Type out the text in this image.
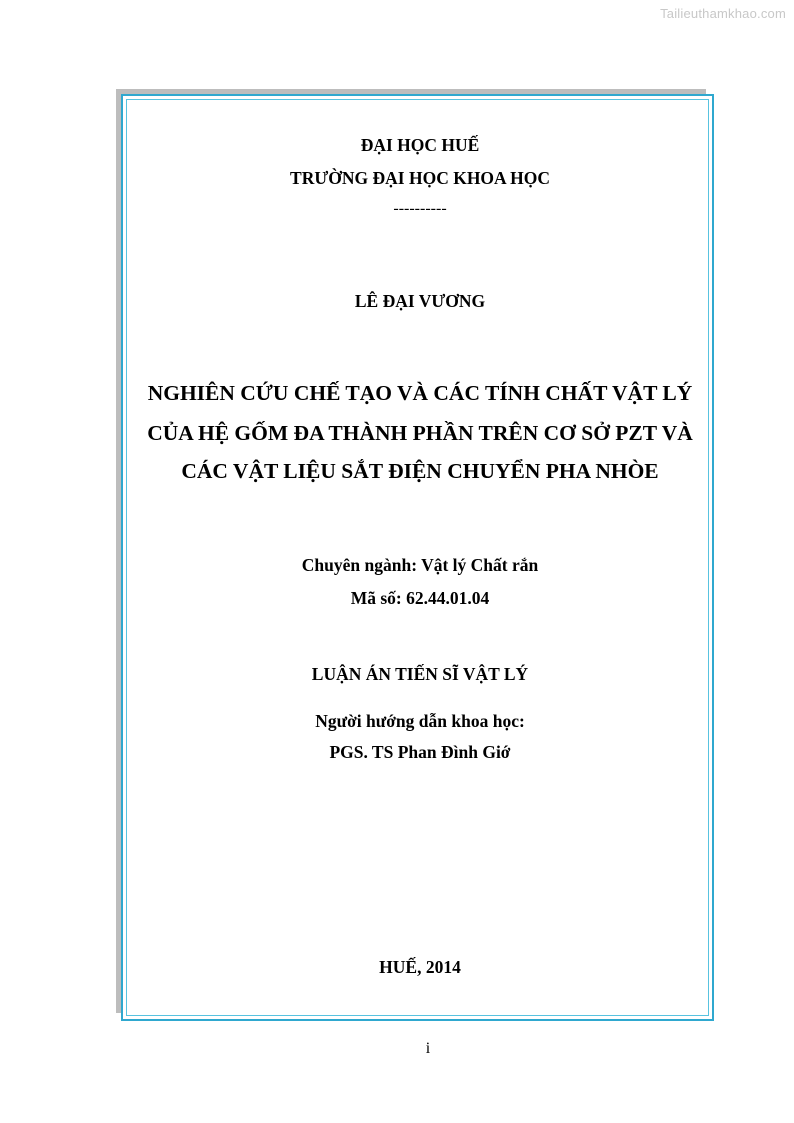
Tailieuthamkhao.com
ĐẠI HỌC HUẾ
TRƯỜNG ĐẠI HỌC KHOA HỌC
----------
LÊ ĐẠI VƯƠNG
NGHIÊN CỨU CHẾ TẠO VÀ CÁC TÍNH CHẤT VẬT LÝ
CỦA HỆ GỐM ĐA THÀNH PHẦN TRÊN CƠ SỞ PZT VÀ
CÁC VẬT LIỆU SẮT ĐIỆN CHUYỂN PHA NHÒE
Chuyên ngành: Vật lý Chất rắn
Mã số: 62.44.01.04
LUẬN ÁN TIẾN SĨ VẬT LÝ
Người hướng dẫn khoa học:
PGS. TS Phan Đình Giớ
HUẾ, 2014
i
